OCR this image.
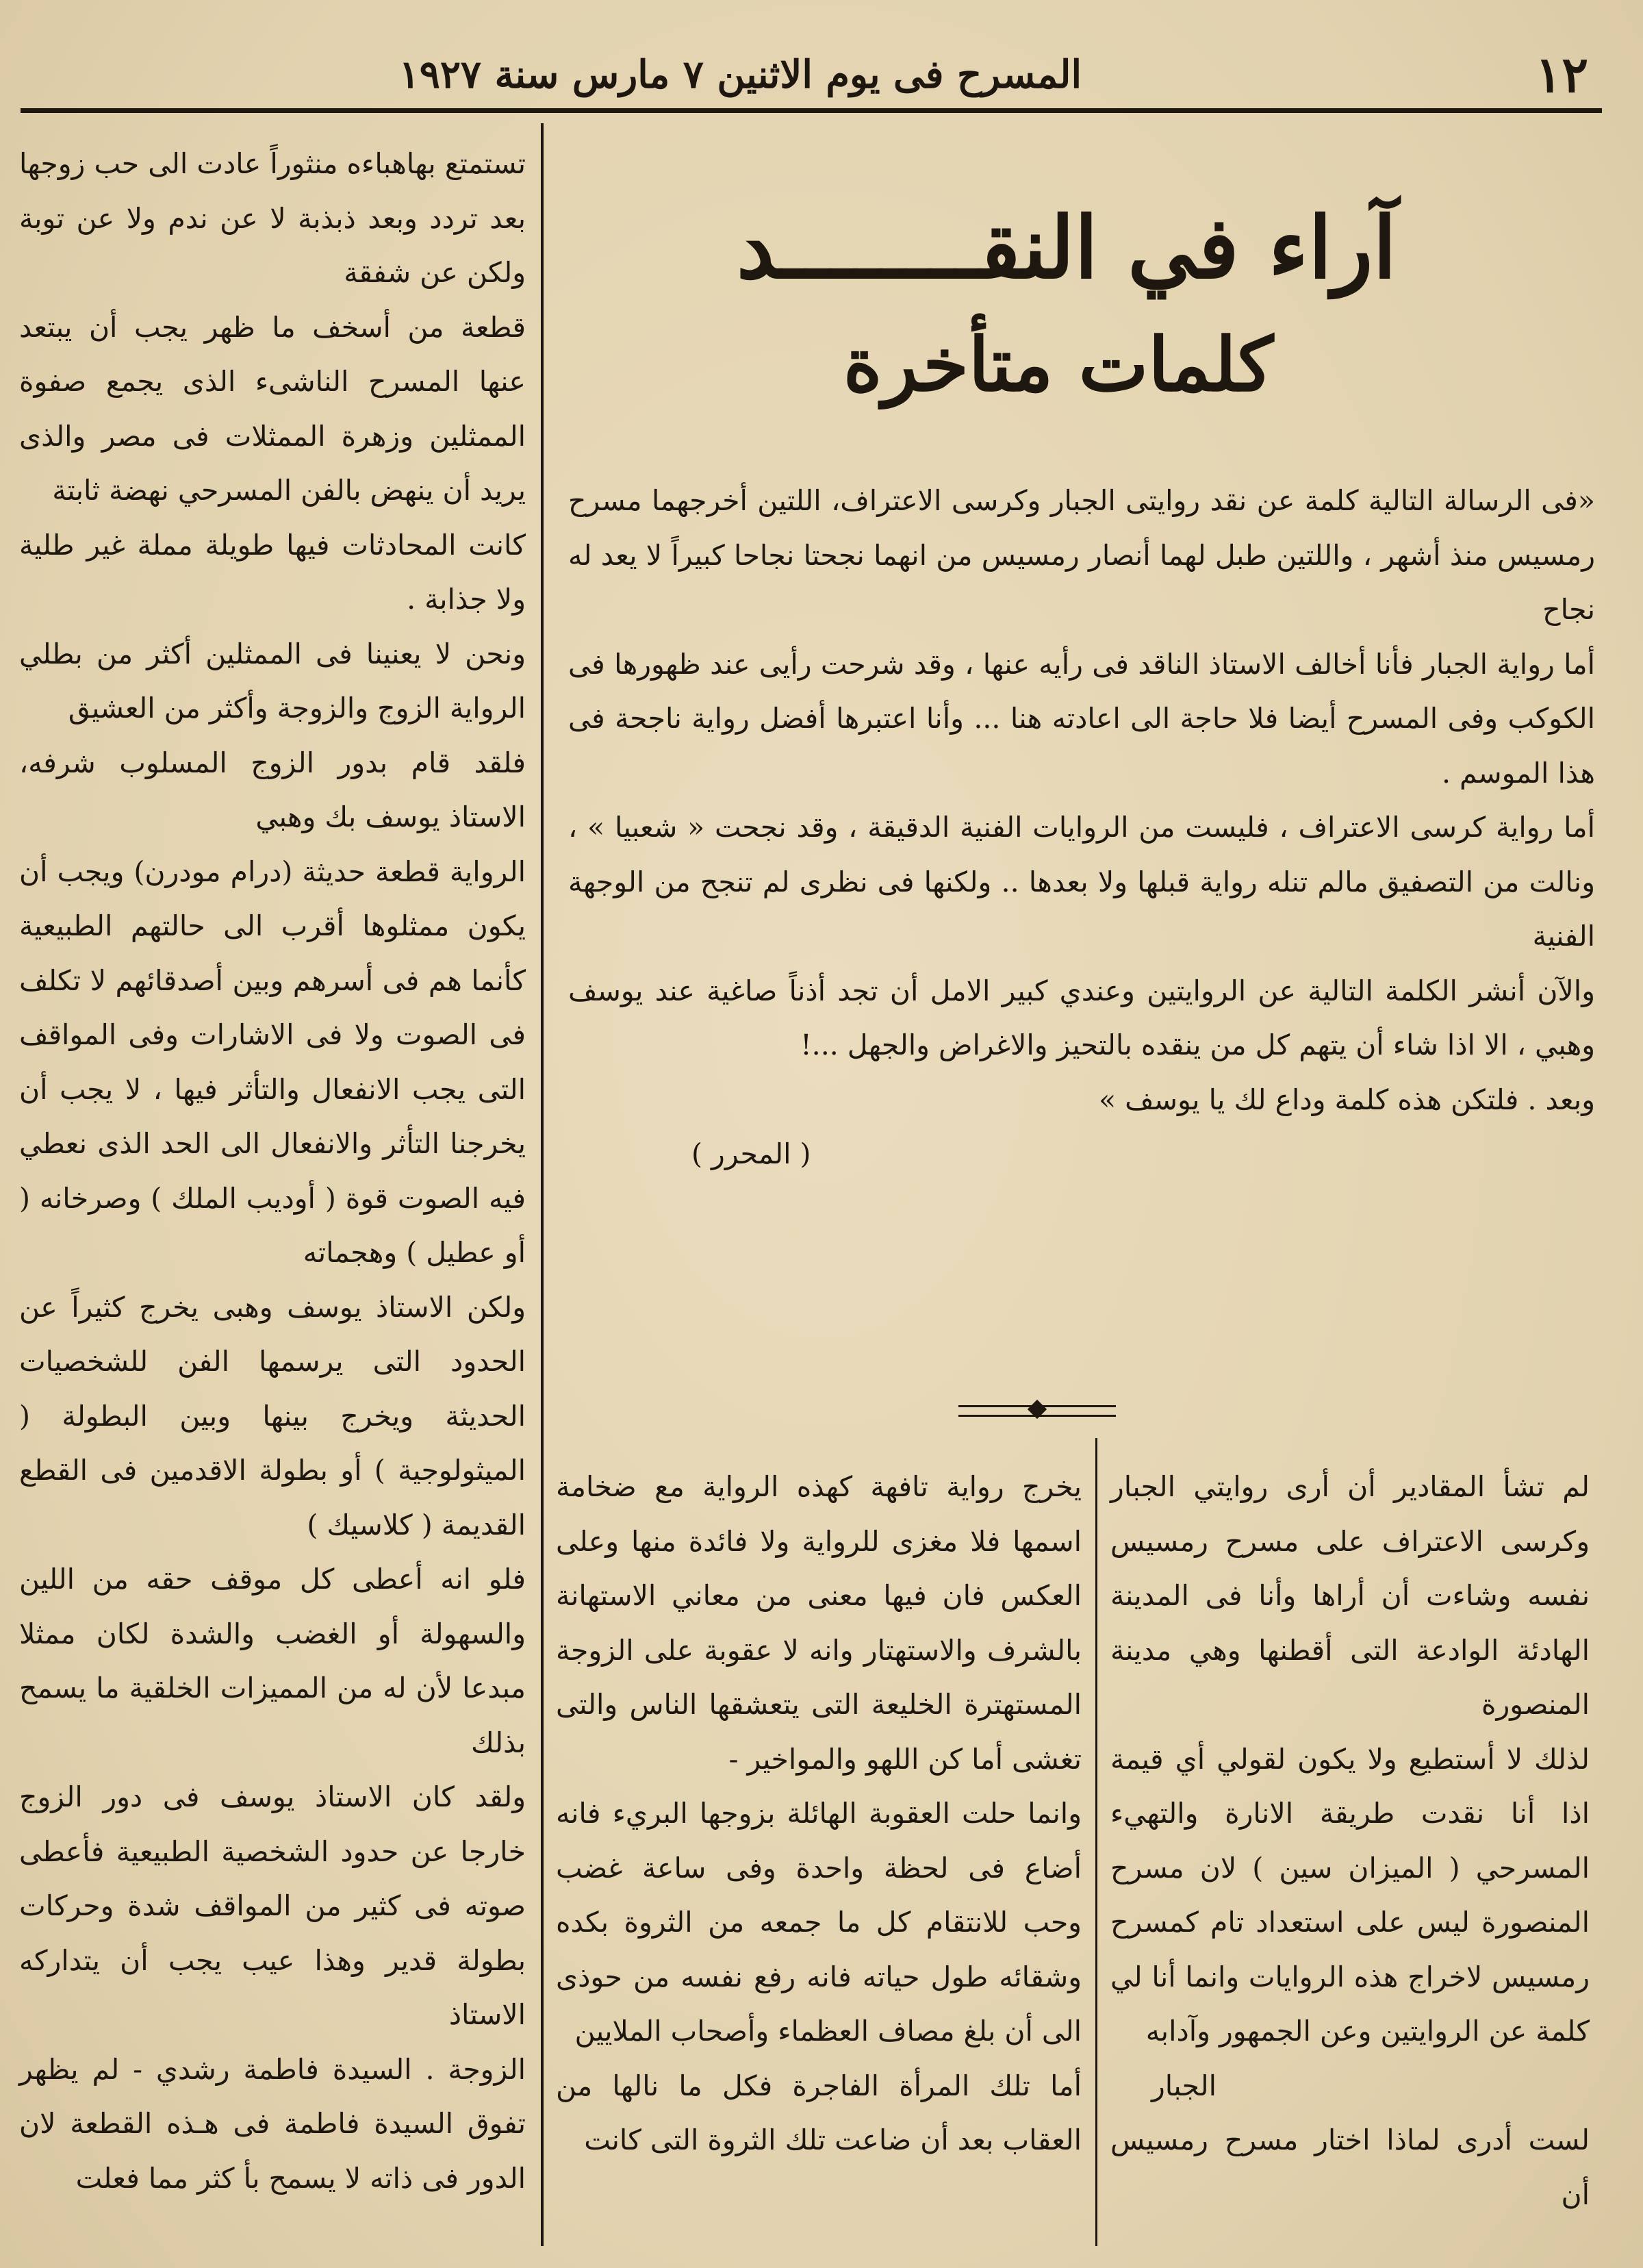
١٢
المسرح فى يوم الاثنين ٧ مارس سنة ١٩٢٧
آراء في النقــــــــد
كلمات متأخرة

«فى الرسالة التالية كلمة عن نقد روايتى الجبار وكرسى الاعتراف، اللتين أخرجهما مسرح رمسيس منذ أشهر ، واللتين طبل لهما أنصار رمسيس من انهما نجحتا نجاحا كبيراً لا يعد له نجاح

أما رواية الجبار فأنا أخالف الاستاذ الناقد فى رأيه عنها ، وقد شرحت رأيى عند ظهورها فى الكوكب وفى المسرح أيضا فلا حاجة الى اعادته هنا ... وأنا اعتبرها أفضل رواية ناجحة فى هذا الموسم .

أما رواية كرسى الاعتراف ، فليست من الروايات الفنية الدقيقة ، وقد نجحت « شعبيا » ، ونالت من التصفيق مالم تنله رواية قبلها ولا بعدها .. ولكنها فى نظرى لم تنجح من الوجهة الفنية

والآن أنشر الكلمة التالية عن الروايتين وعندي كبير الامل أن تجد أذناً صاغية عند يوسف وهبي ، الا اذا شاء أن يتهم كل من ينقده بالتحيز والاغراض والجهل ...!

وبعد . فلتكن هذه كلمة وداع لك يا يوسف »

( المحرر )

تستمتع بهاهباءه منثوراً عادت الى حب زوجها بعد تردد وبعد ذبذبة لا عن ندم ولا عن توبة ولكن عن شفقة

قطعة من أسخف ما ظهر يجب أن يبتعد عنها المسرح الناشىء الذى يجمع صفوة الممثلين وزهرة الممثلات فى مصر والذى يريد أن ينهض بالفن المسرحي نهضة ثابتة

كانت المحادثات فيها طويلة مملة غير طلية ولا جذابة .

ونحن لا يعنينا فى الممثلين أكثر من بطلي الرواية الزوج والزوجة وأكثر من العشيق

فلقد قام بدور الزوج المسلوب شرفه، الاستاذ يوسف بك وهبي

الرواية قطعة حديثة (درام مودرن) ويجب أن يكون ممثلوها أقرب الى حالتهم الطبيعية كأنما هم فى أسرهم وبين أصدقائهم لا تكلف فى الصوت ولا فى الاشارات وفى المواقف التى يجب الانفعال والتأثر فيها ، لا يجب أن يخرجنا التأثر والانفعال الى الحد الذى نعطي فيه الصوت قوة ( أوديب الملك ) وصرخانه ( أو عطيل ) وهجماته

ولكن الاستاذ يوسف وهبى يخرج كثيراً عن الحدود التى يرسمها الفن للشخصيات الحديثة ويخرج بينها وبين البطولة ( الميثولوجية ) أو بطولة الاقدمين فى القطع القديمة ( كلاسيك )

فلو انه أعطى كل موقف حقه من اللين والسهولة أو الغضب والشدة لكان ممثلا مبدعا لأن له من المميزات الخلقية ما يسمح بذلك

ولقد كان الاستاذ يوسف فى دور الزوج خارجا عن حدود الشخصية الطبيعية فأعطى صوته فى كثير من المواقف شدة وحركات بطولة قدير وهذا عيب يجب أن يتداركه الاستاذ

الزوجة . السيدة فاطمة رشدي - لم يظهر تفوق السيدة فاطمة فى هـذه القطعة لان الدور فى ذاته لا يسمح بأ كثر مما فعلت

يخرج رواية تافهة كهذه الرواية مع ضخامة اسمها فلا مغزى للرواية ولا فائدة منها وعلى العكس فان فيها معنى من معاني الاستهانة بالشرف والاستهتار وانه لا عقوبة على الزوجة المستهترة الخليعة التى يتعشقها الناس والتى تغشى أما كن اللهو والمواخير -

وانما حلت العقوبة الهائلة بزوجها البريء فانه أضاع فى لحظة واحدة وفى ساعة غضب وحب للانتقام كل ما جمعه من الثروة بكده وشقائه طول حياته فانه رفع نفسه من حوذى الى أن بلغ مصاف العظماء وأصحاب الملايين

أما تلك المرأة الفاجرة فكل ما نالها من العقاب بعد أن ضاعت تلك الثروة التى كانت

لم تشأ المقادير أن أرى روايتي الجبار وكرسى الاعتراف على مسرح رمسيس نفسه وشاءت أن أراها وأنا فى المدينة الهادئة الوادعة التى أقطنها وهي مدينة المنصورة

لذلك لا أستطيع ولا يكون لقولي أي قيمة اذا أنا نقدت طريقة الانارة والتهيء المسرحي ( الميزان سين ) لان مسرح المنصورة ليس على استعداد تام كمسرح رمسيس لاخراج هذه الروايات وانما أنا لي كلمة عن الروايتين وعن الجمهور وآدابه

الجبار

لست أدرى لماذا اختار مسرح رمسيس أن
